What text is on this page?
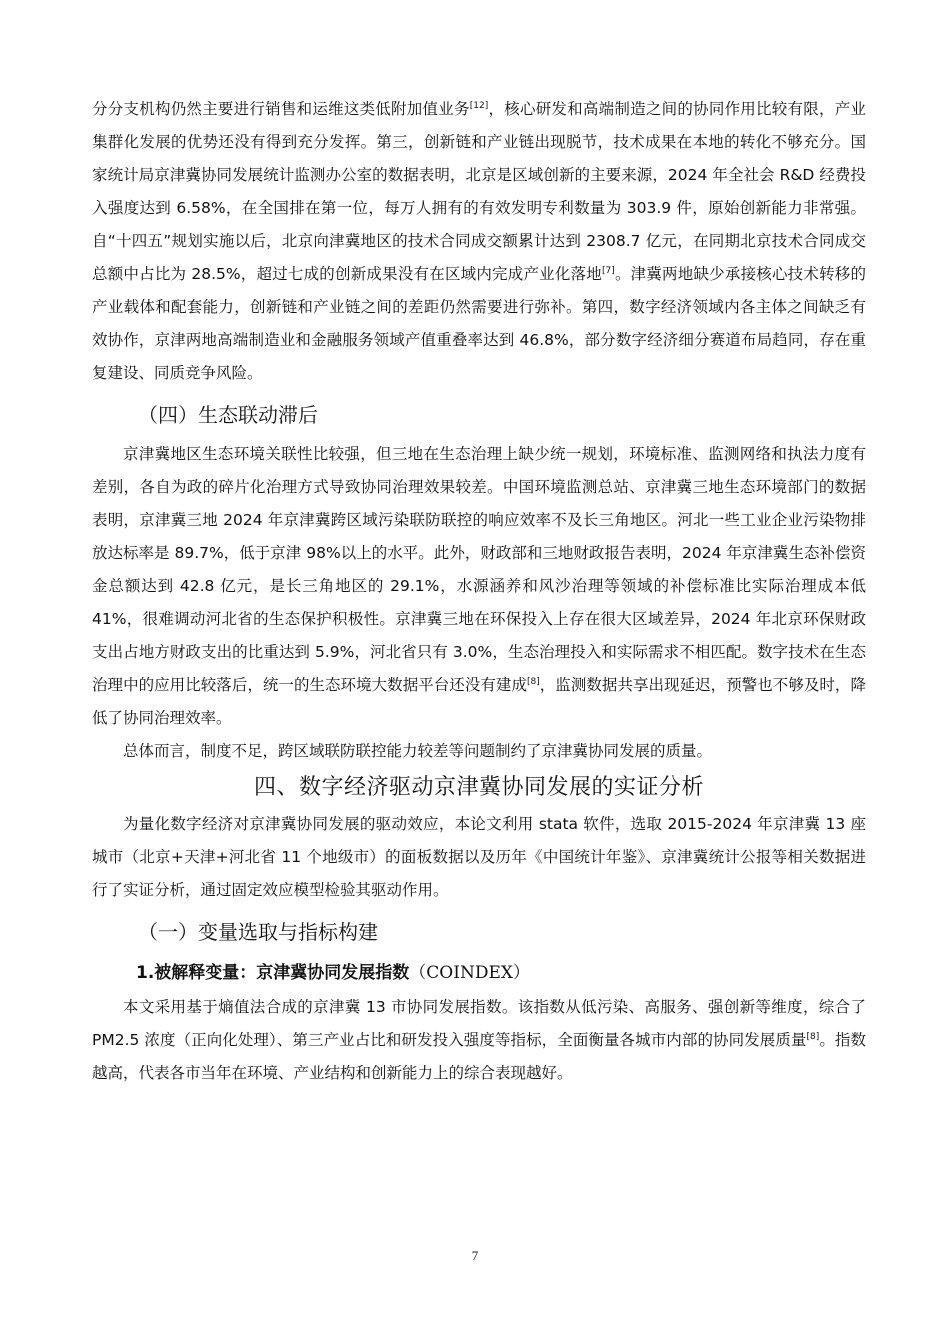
分分支机构仍然主要进行销售和运维这类低附加值业务[12]，核心研发和高端制造之间的协同作用比较有限，产业集群化发展的优势还没有得到充分发挥。第三，创新链和产业链出现脱节，技术成果在本地的转化不够充分。国家统计局京津冀协同发展统计监测办公室的数据表明，北京是区域创新的主要来源，2024 年全社会 R&D 经费投入强度达到 6.58%，在全国排在第一位，每万人拥有的有效发明专利数量为 303.9 件，原始创新能力非常强。自“十四五”规划实施以后，北京向津冀地区的技术合同成交额累计达到 2308.7 亿元，在同期北京技术合同成交总额中占比为 28.5%，超过七成的创新成果没有在区域内完成产业化落地[7]。津冀两地缺少承接核心技术转移的产业载体和配套能力，创新链和产业链之间的差距仍然需要进行弥补。第四，数字经济领域内各主体之间缺乏有效协作，京津两地高端制造业和金融服务领域产值重叠率达到 46.8%，部分数字经济细分赛道布局趋同，存在重复建设、同质竞争风险。

（四）生态联动滞后

京津冀地区生态环境关联性比较强，但三地在生态治理上缺少统一规划，环境标准、监测网络和执法力度有差别，各自为政的碎片化治理方式导致协同治理效果较差。中国环境监测总站、京津冀三地生态环境部门的数据表明，京津冀三地 2024 年京津冀跨区域污染联防联控的响应效率不及长三角地区。河北一些工业企业污染物排放达标率是 89.7%，低于京津 98%以上的水平。此外，财政部和三地财政报告表明，2024 年京津冀生态补偿资金总额达到 42.8 亿元，是长三角地区的 29.1%，水源涵养和风沙治理等领域的补偿标准比实际治理成本低 41%，很难调动河北省的生态保护积极性。京津冀三地在环保投入上存在很大区域差异，2024 年北京环保财政支出占地方财政支出的比重达到 5.9%，河北省只有 3.0%，生态治理投入和实际需求不相匹配。数字技术在生态治理中的应用比较落后，统一的生态环境大数据平台还没有建成[8]，监测数据共享出现延迟，预警也不够及时，降低了协同治理效率。

总体而言，制度不足，跨区域联防联控能力较差等问题制约了京津冀协同发展的质量。

四、数字经济驱动京津冀协同发展的实证分析

为量化数字经济对京津冀协同发展的驱动效应，本论文利用 stata 软件，选取 2015-2024 年京津冀 13 座城市（北京+天津+河北省 11 个地级市）的面板数据以及历年《中国统计年鉴》、京津冀统计公报等相关数据进行了实证分析，通过固定效应模型检验其驱动作用。

（一）变量选取与指标构建
1.被解释变量：京津冀协同发展指数（COINDEX）

本文采用基于熵值法合成的京津冀 13 市协同发展指数。该指数从低污染、高服务、强创新等维度，综合了 PM2.5 浓度（正向化处理）、第三产业占比和研发投入强度等指标，全面衡量各城市内部的协同发展质量[8]。指数越高，代表各市当年在环境、产业结构和创新能力上的综合表现越好。

7
